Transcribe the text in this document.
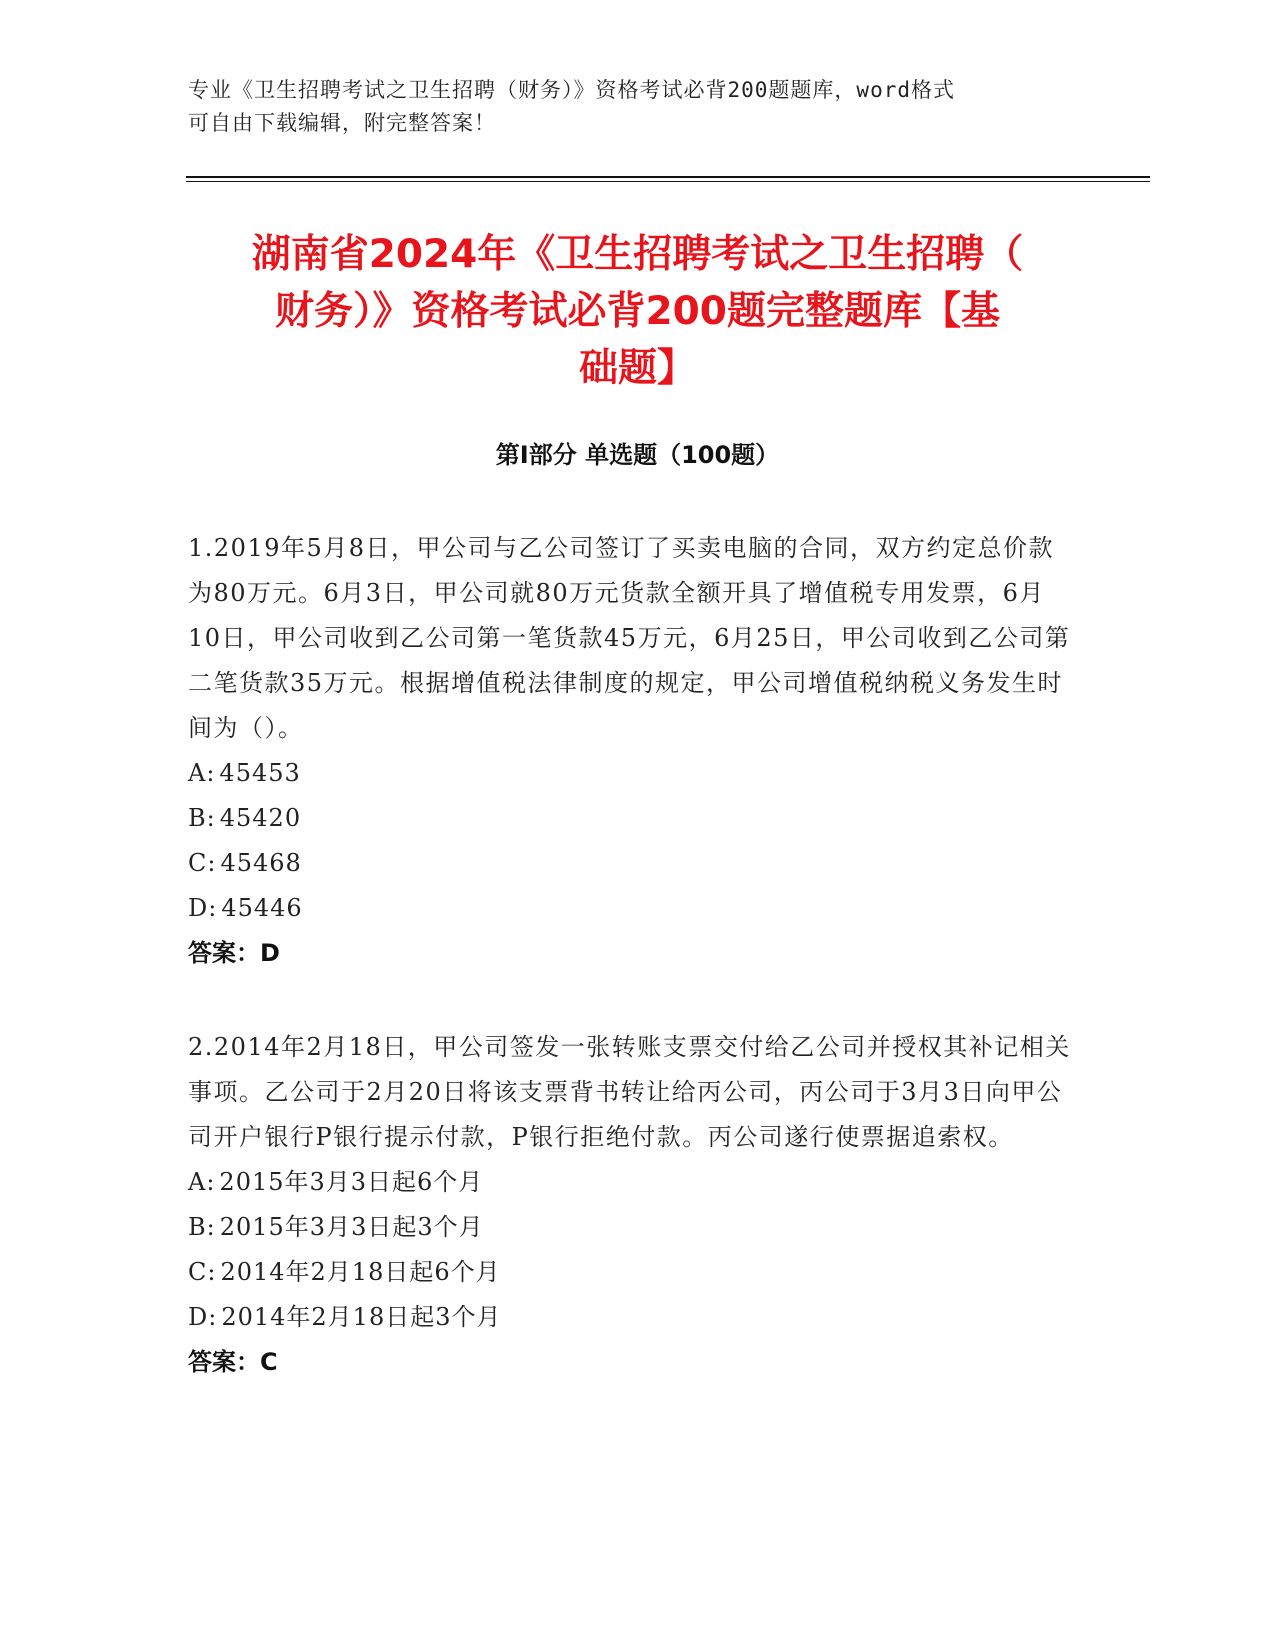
专业《卫生招聘考试之卫生招聘（财务）》资格考试必背200题题库，word格式

可自由下载编辑，附完整答案！

湖南省2024年《卫生招聘考试之卫生招聘（
财务）》资格考试必背200题完整题库【基
础题】
第I部分 单选题（100题）

1.2019年5月8日，甲公司与乙公司签订了买卖电脑的合同，双方约定总价款为80万元。6月3日，甲公司就80万元货款全额开具了增值税专用发票，6月10日，甲公司收到乙公司第一笔货款45万元，6月25日，甲公司收到乙公司第二笔货款35万元。根据增值税法律制度的规定，甲公司增值税纳税义务发生时间为（）。

A: 45453
B: 45420
C: 45468
D: 45446

答案：D

2.2014年2月18日，甲公司签发一张转账支票交付给乙公司并授权其补记相关事项。乙公司于2月20日将该支票背书转让给丙公司，丙公司于3月3日向甲公司开户银行P银行提示付款，P银行拒绝付款。丙公司遂行使票据追索权。

A: 2015年3月3日起6个月
B: 2015年3月3日起3个月
C: 2014年2月18日起6个月
D: 2014年2月18日起3个月

答案：C
